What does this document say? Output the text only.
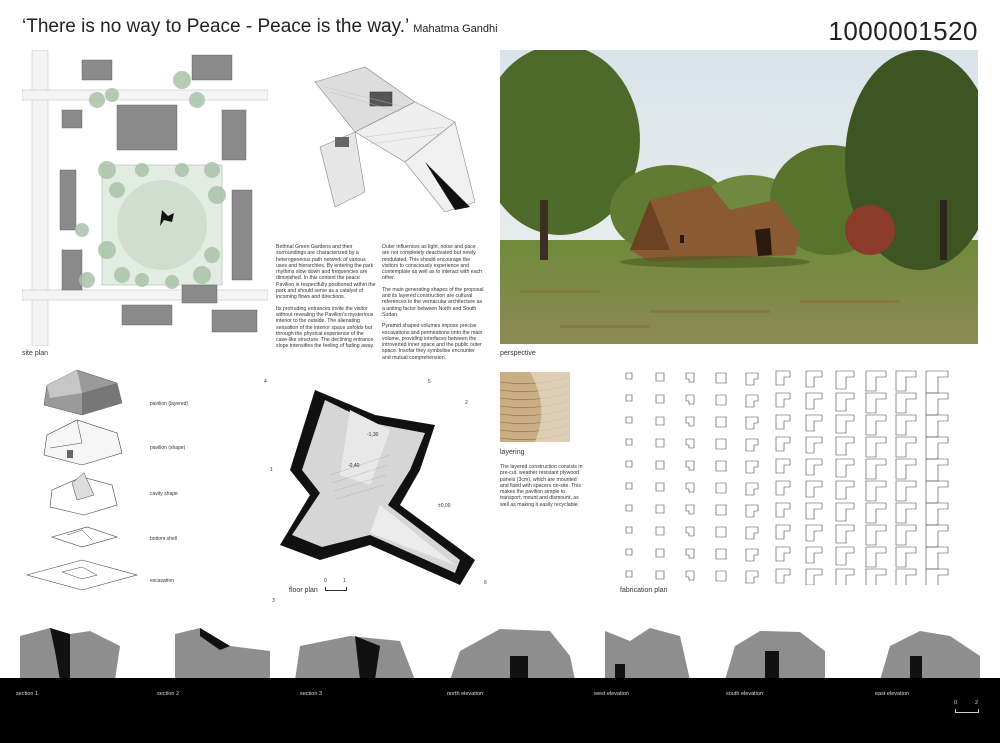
‘There is no way to Peace - Peace is the way.’ Mahatma Gandhi	1000001520
site plan

Bethnal Green Gardens and their surroundings are characterized by a heterogeneous path network of various uses and hierarchies. By entering the park rhythms slow down and frequencies are diminished. In this context the peace Pavilion is respectfully positioned within the park and should serve as a catalyst of incoming flows and directions.

Its protruding entrances invite the visitor without revealing the Pavilion's mysterious interior to the outside. The alienating sensation of the interior space unfolds but through the physical experience of the cave-like structure. The declining entrance slope intensifies the feeling of fading away.

Outer influences as light, noise and pace are not completely deactivated but newly modulated. This should encourage the visitors to consciously experience and contemplate as well as to interact with each other.

The main generating shapes of the proposal and its layered construction are cultural references to the vernacular architecture as a uniting factor between North and South Sudan.

Pyramid shaped volumes impose precise excavations and permeations onto the main volume, providing interfaces between the introverted inner space and the public outer space. Insofar they symbolise encounter and mutual comprehension.

perspective
pavilion (layered)
pavilion (shape)
cavity shape
bottom shell
excavation
-1,30
-0,40
±0,00
4	5
1
2
3
6
0	1
floor plan
layering
The layered construction consists in pre-cut, weather resistant plywood panels (3cm), which are mounted and fixed with spacers on-site. This makes the pavilion simple to transport, mount and dismount, as well as making it easily recyclable.
fabrication plan
section 1	section 2	section 3	north elevation	west elevation	south elevation	east elevation
0	2
